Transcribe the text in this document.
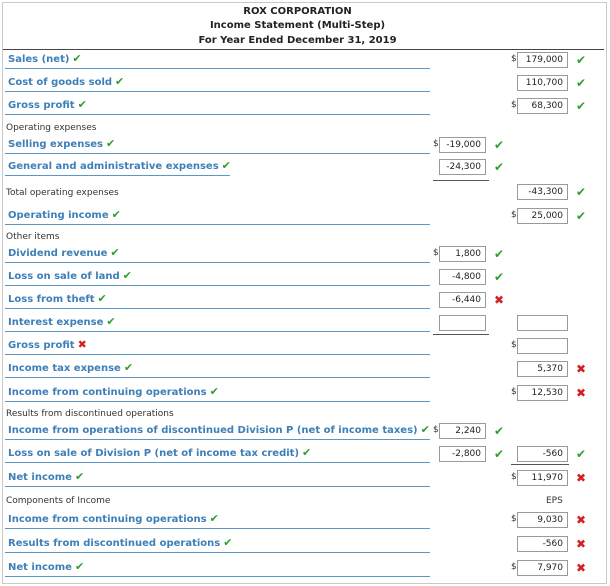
ROX CORPORATION
Income Statement (Multi-Step)
For Year Ended December 31, 2019
Sales (net) ✔	$	179,000	✔
Cost of goods sold ✔	110,700	✔
Gross profit ✔	$	68,300	✔
Operating expenses
Selling expenses ✔	$ -19,000	✔
General and administrative expenses ✔	-24,300	✔
Total operating expenses	-43,300	✔
Operating income ✔	$	25,000	✔
Other items
Dividend revenue ✔	$	1,800	✔
Loss on sale of land ✔	-4,800	✔
Loss from theft ✔	-6,440	✖
Interest expense ✔
Gross profit ✖	$
Income tax expense ✔	5,370	✖
Income from continuing operations ✔	$	12,530	✖
Results from discontinued operations
Income from operations of discontinued Division P (net of income taxes) ✔ $	2,240	✔
Loss on sale of Division P (net of income tax credit) ✔	-2,800	✔	-560	✔
Net income ✔	$	11,970	✖
Components of Income	EPS
Income from continuing operations ✔	$	9,030	✖
Results from discontinued operations ✔	-560	✖
Net income ✔	$	7,970	✖
